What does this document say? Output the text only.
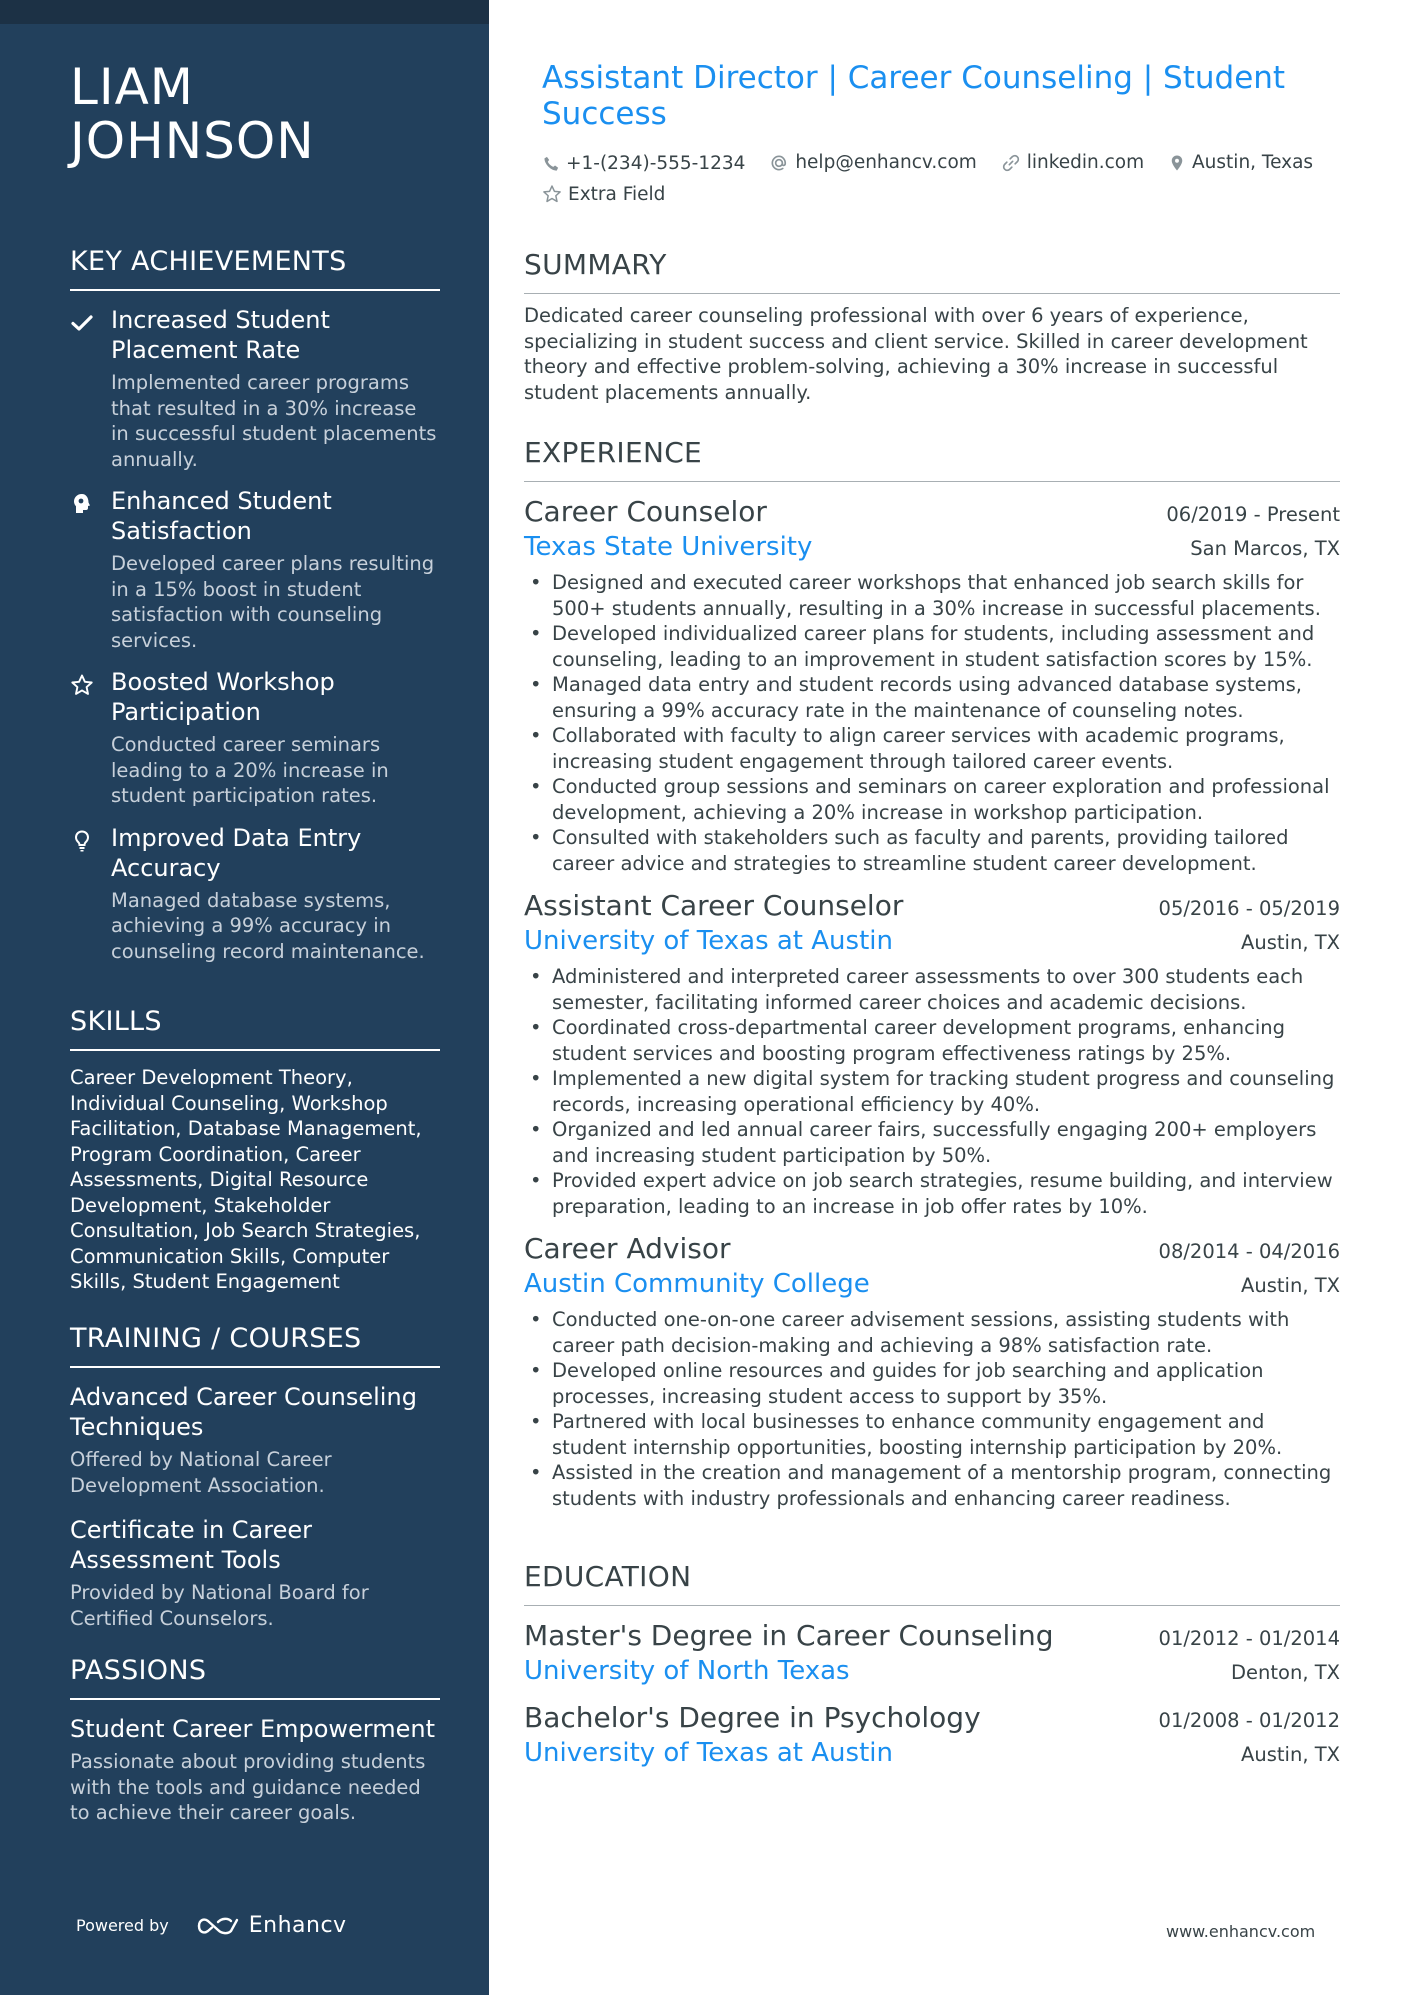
LIAM
JOHNSON
KEY ACHIEVEMENTS
Increased Student Placement Rate
Implemented career programs that resulted in a 30% increase in successful student placements annually.
Enhanced Student Satisfaction
Developed career plans resulting in a 15% boost in student satisfaction with counseling services.
Boosted Workshop Participation
Conducted career seminars leading to a 20% increase in student participation rates.
Improved Data Entry Accuracy
Managed database systems, achieving a 99% accuracy in counseling record maintenance.
SKILLS
Career Development Theory, Individual Counseling, Workshop Facilitation, Database Management, Program Coordination, Career Assessments, Digital Resource Development, Stakeholder Consultation, Job Search Strategies, Communication Skills, Computer Skills, Student Engagement
TRAINING / COURSES
Advanced Career Counseling Techniques
Offered by National Career Development Association.
Certificate in Career Assessment Tools
Provided by National Board for Certified Counselors.
PASSIONS
Student Career Empowerment
Passionate about providing students with the tools and guidance needed to achieve their career goals.
Powered by	Enhancv
Assistant Director | Career Counseling | Student Success
+1-(234)-555-1234
	help@enhancv.com
	linkedin.com
	Austin, Texas

Extra Field
SUMMARY
Dedicated career counseling professional with over 6 years of experience, specializing in student success and client service. Skilled in career development theory and effective problem-solving, achieving a 30% increase in successful student placements annually.
EXPERIENCE
Career Counselor	06/2019 - Present
Texas State University	San Marcos, TX
• Designed and executed career workshops that enhanced job search skills for 500+ students annually, resulting in a 30% increase in successful placements.
• Developed individualized career plans for students, including assessment and counseling, leading to an improvement in student satisfaction scores by 15%.
• Managed data entry and student records using advanced database systems, ensuring a 99% accuracy rate in the maintenance of counseling notes.
• Collaborated with faculty to align career services with academic programs, increasing student engagement through tailored career events.
• Conducted group sessions and seminars on career exploration and professional development, achieving a 20% increase in workshop participation.
• Consulted with stakeholders such as faculty and parents, providing tailored career advice and strategies to streamline student career development.
Assistant Career Counselor	05/2016 - 05/2019
University of Texas at Austin	Austin, TX
• Administered and interpreted career assessments to over 300 students each semester, facilitating informed career choices and academic decisions.
• Coordinated cross-departmental career development programs, enhancing student services and boosting program effectiveness ratings by 25%.
• Implemented a new digital system for tracking student progress and counseling records, increasing operational efficiency by 40%.
• Organized and led annual career fairs, successfully engaging 200+ employers and increasing student participation by 50%.
• Provided expert advice on job search strategies, resume building, and interview preparation, leading to an increase in job offer rates by 10%.
Career Advisor	08/2014 - 04/2016
Austin Community College	Austin, TX
• Conducted one-on-one career advisement sessions, assisting students with career path decision-making and achieving a 98% satisfaction rate.
• Developed online resources and guides for job searching and application processes, increasing student access to support by 35%.
• Partnered with local businesses to enhance community engagement and student internship opportunities, boosting internship participation by 20%.
• Assisted in the creation and management of a mentorship program, connecting students with industry professionals and enhancing career readiness.
EDUCATION
Master's Degree in Career Counseling	01/2012 - 01/2014
University of North Texas	Denton, TX
Bachelor's Degree in Psychology	01/2008 - 01/2012
University of Texas at Austin	Austin, TX
www.enhancv.com
